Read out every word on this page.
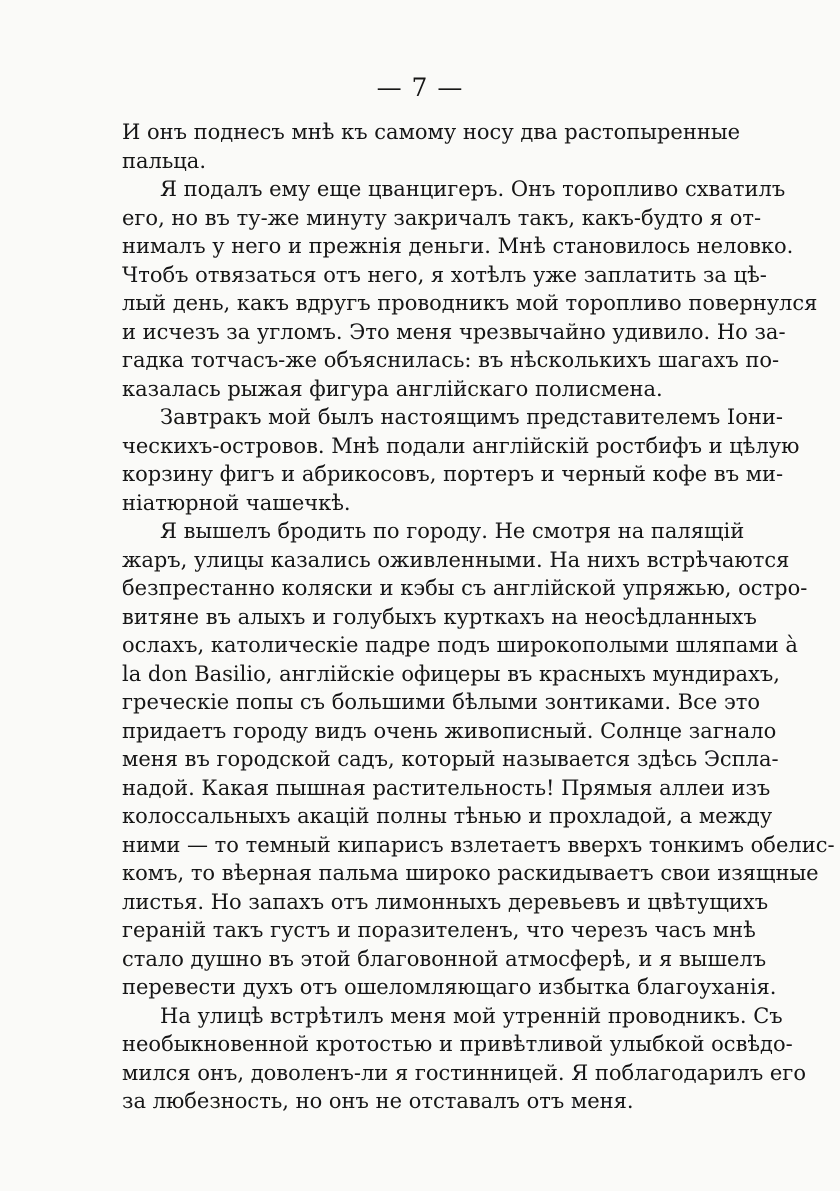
— 7 —
И онъ поднесъ мнѣ къ самому носу два растопыренные
пальца.
Я подалъ ему еще цванцигеръ. Онъ торопливо схватилъ
его, но въ ту-же минуту закричалъ такъ, какъ-будто я от-
нималъ у него и прежнія деньги. Мнѣ становилось неловко.
Чтобъ отвязаться отъ него, я хотѣлъ уже заплатить за цѣ-
лый день, какъ вдругъ проводникъ мой торопливо повернулся
и исчезъ за угломъ. Это меня чрезвычайно удивило. Но за-
гадка тотчасъ-же объяснилась: въ нѣсколькихъ шагахъ по-
казалась рыжая фигура англійскаго полисмена.
Завтракъ мой былъ настоящимъ представителемъ Іони-
ческихъ-островов. Мнѣ подали англійскій ростбифъ и цѣлую
корзину фигъ и абрикосовъ, портеръ и черный кофе въ ми-
ніатюрной чашечкѣ.
Я вышелъ бродить по городу. Не смотря на палящій
жаръ, улицы казались оживленными. На нихъ встрѣчаются
безпрестанно коляски и кэбы съ англійской упряжью, остро-
витяне въ алыхъ и голубыхъ курткахъ на неосѣдланныхъ
ослахъ, католическіе падре подъ широкополыми шляпами à
la don Basilio, англійскіе офицеры въ красныхъ мундирахъ,
греческіе попы съ большими бѣлыми зонтиками. Все это
придаетъ городу видъ очень живописный. Солнце загнало
меня въ городской садъ, который называется здѣсь Эспла-
надой. Какая пышная растительность! Прямыя аллеи изъ
колоссальныхъ акацій полны тѣнью и прохладой, а между
ними — то темный кипарисъ взлетаетъ вверхъ тонкимъ обелис-
комъ, то вѣерная пальма широко раскидываетъ свои изящные
листья. Но запахъ отъ лимонныхъ деревьевъ и цвѣтущихъ
гераній такъ густъ и поразителенъ, что черезъ часъ мнѣ
стало душно въ этой благовонной атмосферѣ, и я вышелъ
перевести духъ отъ ошеломляющаго избытка благоуханія.
На улицѣ встрѣтилъ меня мой утренній проводникъ. Съ
необыкновенной кротостью и привѣтливой улыбкой освѣдо-
мился онъ, доволенъ-ли я гостинницей. Я поблагодарилъ его
за любезность, но онъ не отставалъ отъ меня.
